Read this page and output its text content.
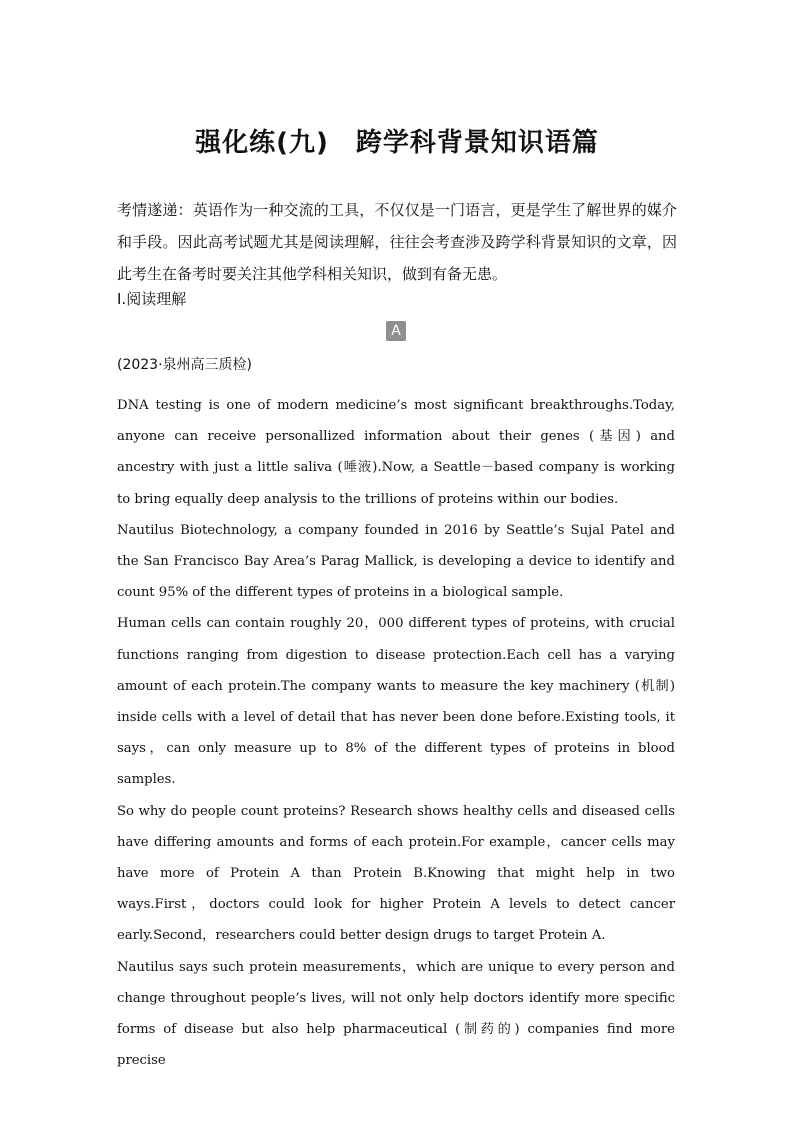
强化练(九)　跨学科背景知识语篇
考情遂递：英语作为一种交流的工具，不仅仅是一门语言，更是学生了解世界的媒介和手段。因此高考试题尤其是阅读理解，往往会考查涉及跨学科背景知识的文章，因此考生在备考时要关注其他学科相关知识，做到有备无患。
Ⅰ.阅读理解
A
(2023·泉州高三质检)

DNA testing is one of modern medicine’s most significant breakthroughs.Today, anyone can receive personallized information about their genes (基因) and ancestry with just a little saliva (唾液).Now, a Seattle－based company is working to bring equally deep analysis to the trillions of proteins within our bodies.

Nautilus Biotechnology, a company founded in 2016 by Seattle’s Sujal Patel and the San Francisco Bay Area’s Parag Mallick, is developing a device to identify and count 95% of the different types of proteins in a biological sample.

Human cells can contain roughly 20，000 different types of proteins, with crucial functions ranging from digestion to disease protection.Each cell has a varying amount of each protein.The company wants to measure the key machinery (机制) inside cells with a level of detail that has never been done before.Existing tools, it says，can only measure up to 8% of the different types of proteins in blood samples.

So why do people count proteins? Research shows healthy cells and diseased cells have differing amounts and forms of each protein.For example，cancer cells may have more of Protein A than Protein B.Knowing that might help in two ways.First，doctors could look for higher Protein A levels to detect cancer early.Second，researchers could better design drugs to target Protein A.

Nautilus says such protein measurements，which are unique to every person and change throughout people’s lives, will not only help doctors identify more specific forms of disease but also help pharmaceutical (制药的) companies find more precise
